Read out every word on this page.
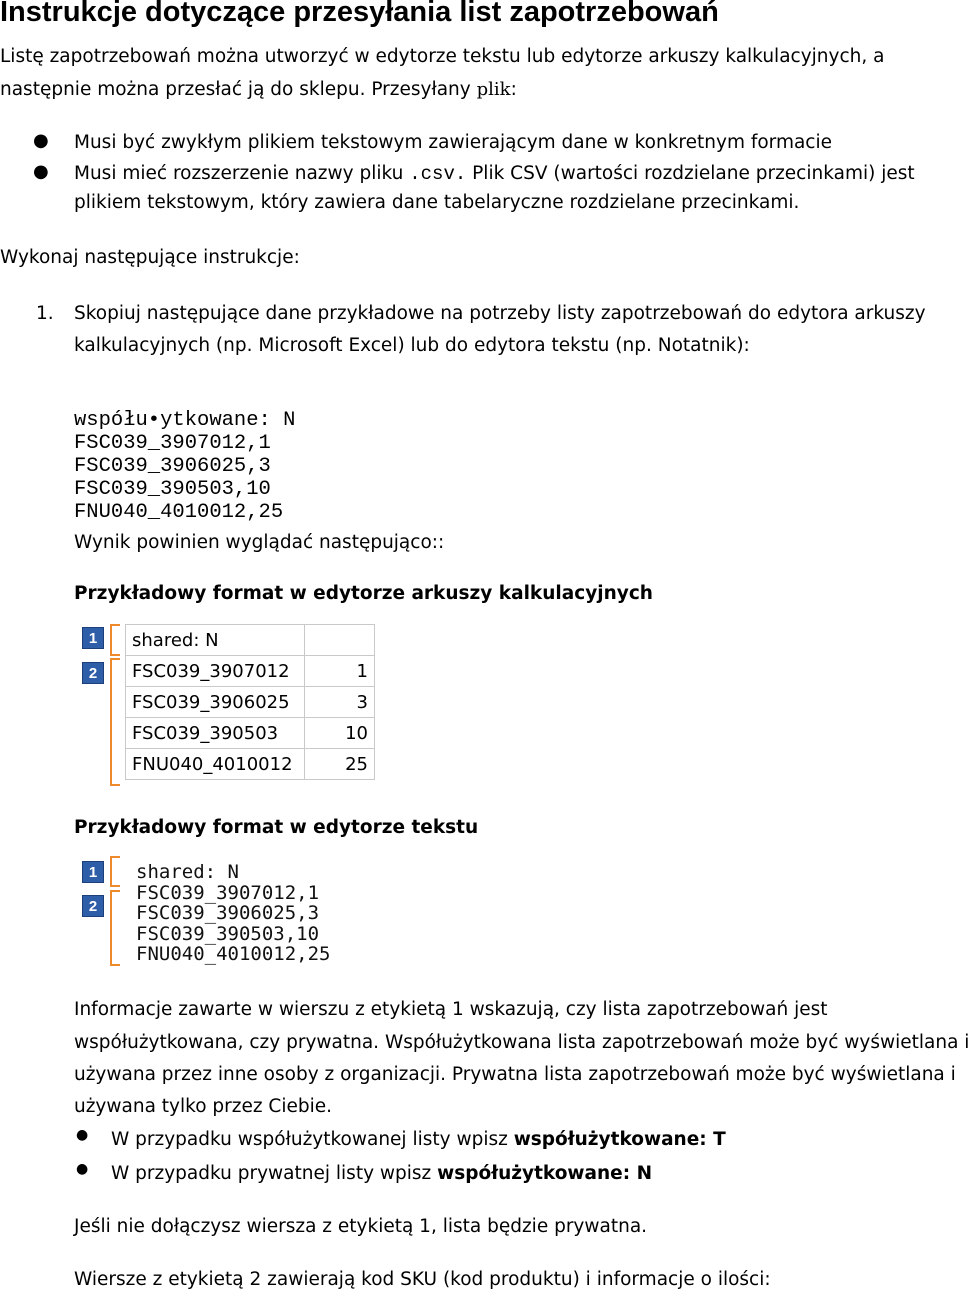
Instrukcje dotyczące przesyłania list zapotrzebowań
Listę zapotrzebowań można utworzyć w edytorze tekstu lub edytorze arkuszy kalkulacyjnych, a
następnie można przesłać ją do sklepu. Przesyłany plik:
● Musi być zwykłym plikiem tekstowym zawierającym dane w konkretnym formacie
● Musi mieć rozszerzenie nazwy pliku .csv. Plik CSV (wartości rozdzielane przecinkami) jest
plikiem tekstowym, który zawiera dane tabelaryczne rozdzielane przecinkami.
Wykonaj następujące instrukcje:
1. Skopiuj następujące dane przykładowe na potrzeby listy zapotrzebowań do edytora arkuszy
kalkulacyjnych (np. Microsoft Excel) lub do edytora tekstu (np. Notatnik):

współu•ytkowane: N
FSC039_3907012,1
FSC039_3906025,3
FSC039_390503,10
FNU040_4010012,25

Wynik powinien wyglądać następująco::
Przykładowy format w edytorze arkuszy kalkulacyjnych
1
2
shared: N	
FSC039_3907012	1
FSC039_3906025	3
FSC039_390503	10
FNU040_4010012	25
Przykładowy format w edytorze tekstu
1
2
shared: N
FSC039_3907012,1
FSC039_3906025,3
FSC039_390503,10
FNU040_4010012,25
Informacje zawarte w wierszu z etykietą 1 wskazują, czy lista zapotrzebowań jest
współużytkowana, czy prywatna. Współużytkowana lista zapotrzebowań może być wyświetlana i
używana przez inne osoby z organizacji. Prywatna lista zapotrzebowań może być wyświetlana i
używana tylko przez Ciebie.
● W przypadku współużytkowanej listy wpisz współużytkowane: T
● W przypadku prywatnej listy wpisz współużytkowane: N
Jeśli nie dołączysz wiersza z etykietą 1, lista będzie prywatna.
Wiersze z etykietą 2 zawierają kod SKU (kod produktu) i informacje o ilości:
